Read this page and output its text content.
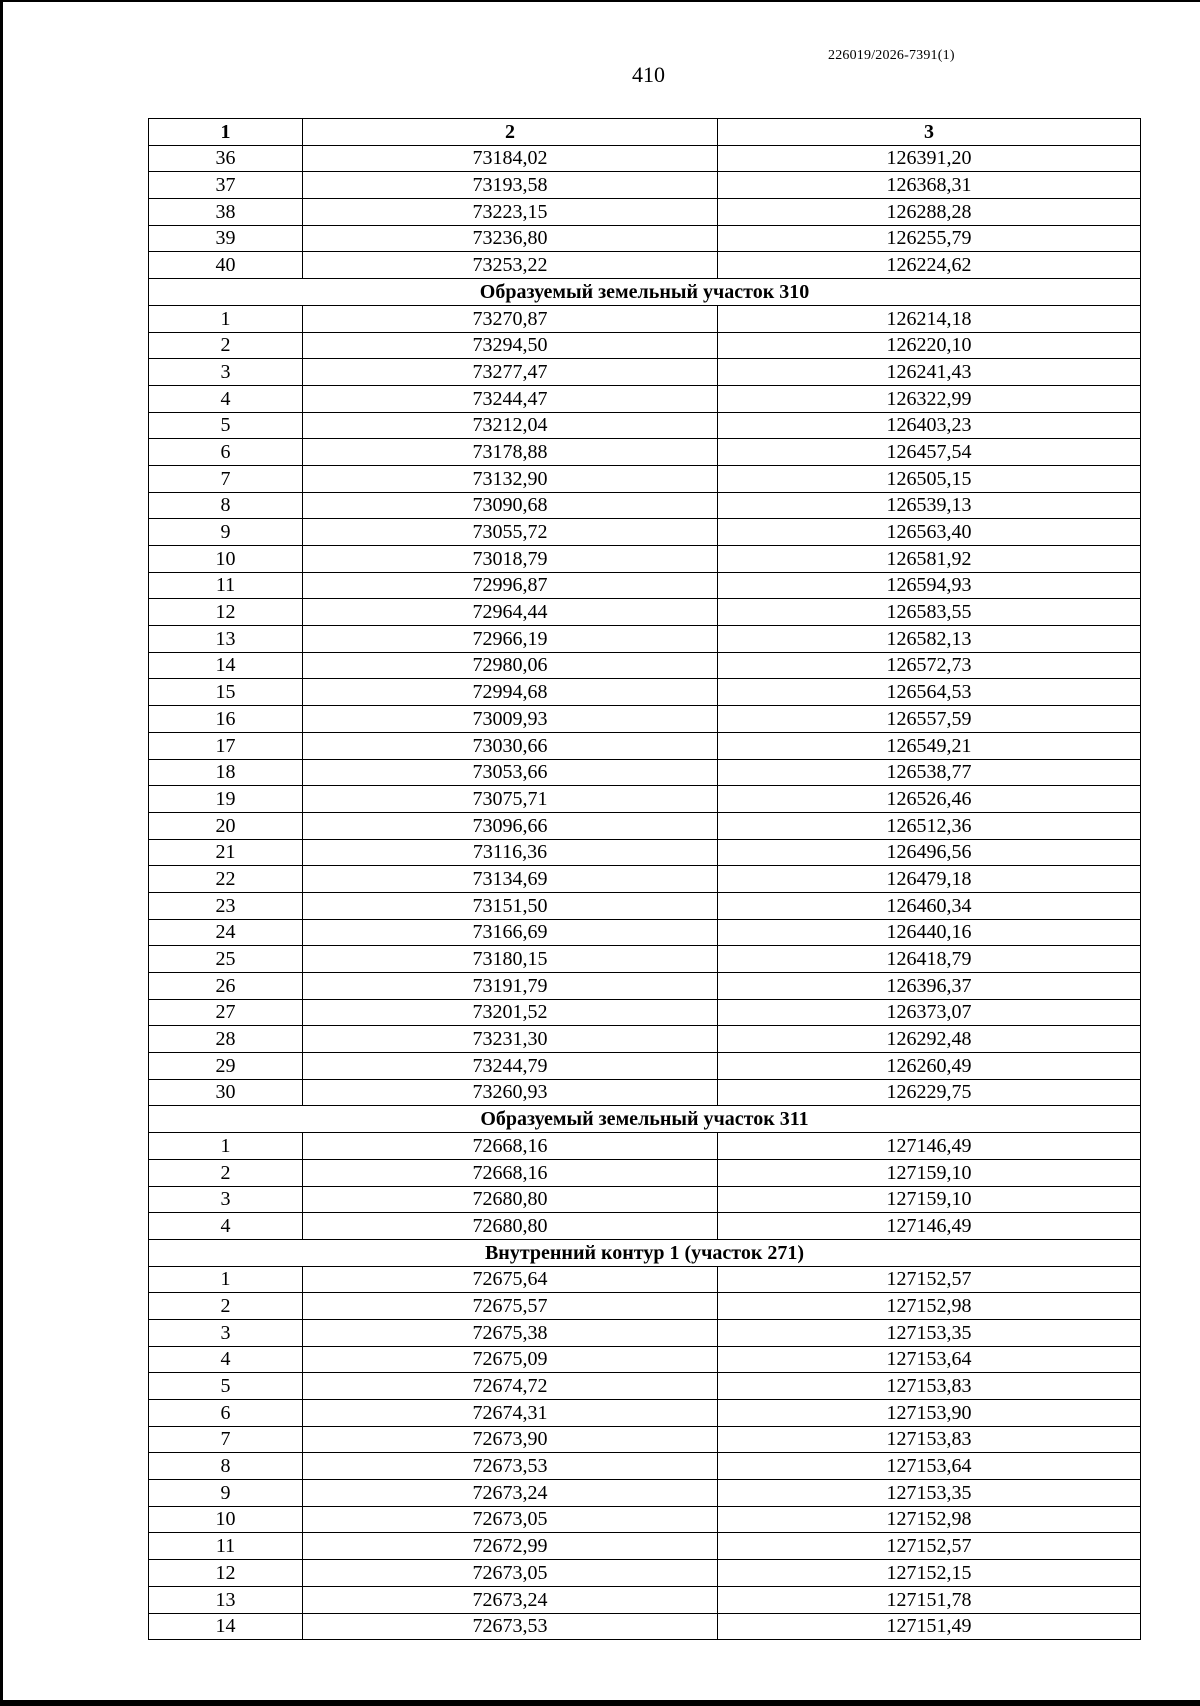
226019/2026-7391(1)
410
1	2	3
36	73184,02	126391,20
37	73193,58	126368,31
38	73223,15	126288,28
39	73236,80	126255,79
40	73253,22	126224,62
Образуемый земельный участок 310		
1	73270,87	126214,18
2	73294,50	126220,10
3	73277,47	126241,43
4	73244,47	126322,99
5	73212,04	126403,23
6	73178,88	126457,54
7	73132,90	126505,15
8	73090,68	126539,13
9	73055,72	126563,40
10	73018,79	126581,92
11	72996,87	126594,93
12	72964,44	126583,55
13	72966,19	126582,13
14	72980,06	126572,73
15	72994,68	126564,53
16	73009,93	126557,59
17	73030,66	126549,21
18	73053,66	126538,77
19	73075,71	126526,46
20	73096,66	126512,36
21	73116,36	126496,56
22	73134,69	126479,18
23	73151,50	126460,34
24	73166,69	126440,16
25	73180,15	126418,79
26	73191,79	126396,37
27	73201,52	126373,07
28	73231,30	126292,48
29	73244,79	126260,49
30	73260,93	126229,75
Образуемый земельный участок 311		
1	72668,16	127146,49
2	72668,16	127159,10
3	72680,80	127159,10
4	72680,80	127146,49
Внутренний контур 1 (участок 271)		
1	72675,64	127152,57
2	72675,57	127152,98
3	72675,38	127153,35
4	72675,09	127153,64
5	72674,72	127153,83
6	72674,31	127153,90
7	72673,90	127153,83
8	72673,53	127153,64
9	72673,24	127153,35
10	72673,05	127152,98
11	72672,99	127152,57
12	72673,05	127152,15
13	72673,24	127151,78
14	72673,53	127151,49
